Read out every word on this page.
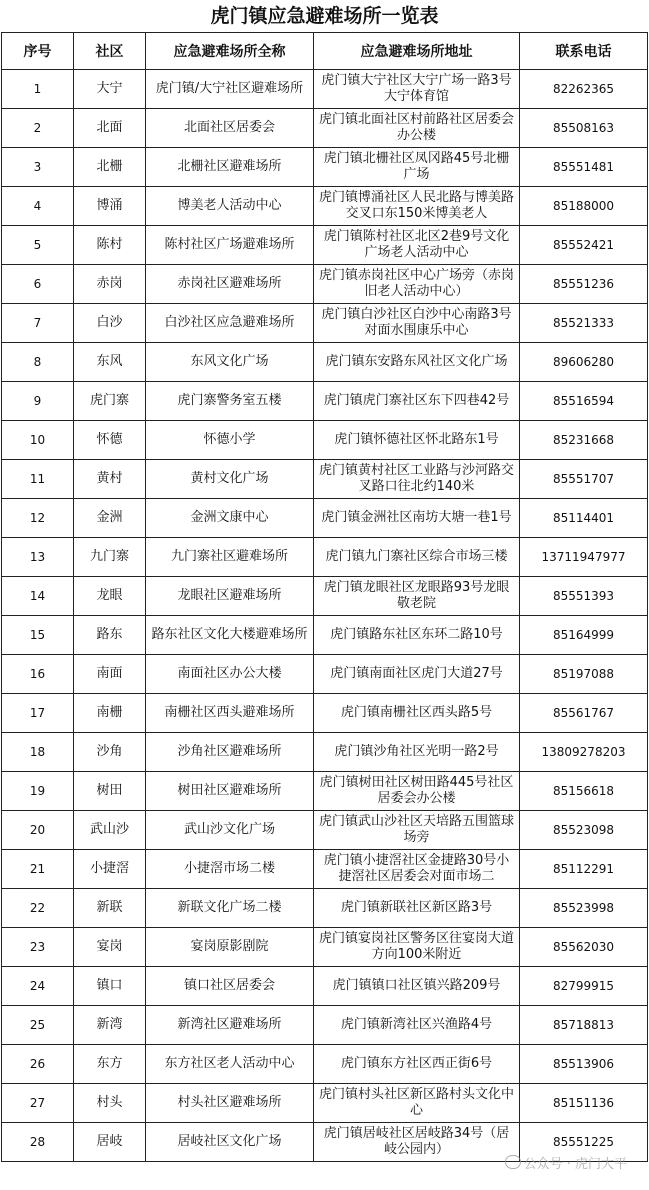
虎门镇应急避难场所一览表
序号	社区	应急避难场所全称	应急避难场所地址	联系电话
1	大宁	虎门镇/大宁社区避难场所	虎门镇大宁社区大宁广场一路3号大宁体育馆	82262365
2	北面	北面社区居委会	虎门镇北面社区村前路社区居委会办公楼	85508163
3	北栅	北栅社区避难场所	虎门镇北栅社区凤冈路45号北栅广场	85551481
4	博涌	博美老人活动中心	虎门镇博涌社区人民北路与博美路交叉口东150米博美老人	85188000
5	陈村	陈村社区广场避难场所	虎门镇陈村社区北区2巷9号文化广场老人活动中心	85552421
6	赤岗	赤岗社区避难场所	虎门镇赤岗社区中心广场旁（赤岗旧老人活动中心）	85551236
7	白沙	白沙社区应急避难场所	虎门镇白沙社区白沙中心南路3号对面水围康乐中心	85521333
8	东风	东风文化广场	虎门镇东安路东风社区文化广场	89606280
9	虎门寨	虎门寨警务室五楼	虎门镇虎门寨社区东下四巷42号	85516594
10	怀德	怀德小学	虎门镇怀德社区怀北路东1号	85231668
11	黄村	黄村文化广场	虎门镇黄村社区工业路与沙河路交叉路口往北约140米	85551707
12	金洲	金洲文康中心	虎门镇金洲社区南坊大塘一巷1号	85114401
13	九门寨	九门寨社区避难场所	虎门镇九门寨社区综合市场三楼	13711947977
14	龙眼	龙眼社区避难场所	虎门镇龙眼社区龙眼路93号龙眼敬老院	85551393
15	路东	路东社区文化大楼避难场所	虎门镇路东社区东环二路10号	85164999
16	南面	南面社区办公大楼	虎门镇南面社区虎门大道27号	85197088
17	南栅	南栅社区西头避难场所	虎门镇南栅社区西头路5号	85561767
18	沙角	沙角社区避难场所	虎门镇沙角社区光明一路2号	13809278203
19	树田	树田社区避难场所	虎门镇树田社区树田路445号社区居委会办公楼	85156618
20	武山沙	武山沙文化广场	虎门镇武山沙社区天培路五围篮球场旁	85523098
21	小捷滘	小捷滘市场二楼	虎门镇小捷滘社区金捷路30号小捷滘社区居委会对面市场二	85112291
22	新联	新联文化广场二楼	虎门镇新联社区新区路3号	85523998
23	宴岗	宴岗原影剧院	虎门镇宴岗社区警务区往宴岗大道方向100米附近	85562030
24	镇口	镇口社区居委会	虎门镇镇口社区镇兴路209号	82799915
25	新湾	新湾社区避难场所	虎门镇新湾社区兴渔路4号	85718813
26	东方	东方社区老人活动中心	虎门镇东方社区西正街6号	85513906
27	村头	村头社区避难场所	虎门镇村头社区新区路村头文化中心	85151136
28	居岐	居岐社区文化广场	虎门镇居岐社区居岐路34号（居岐公园内）	85551225
公众号 · 虎门大平
